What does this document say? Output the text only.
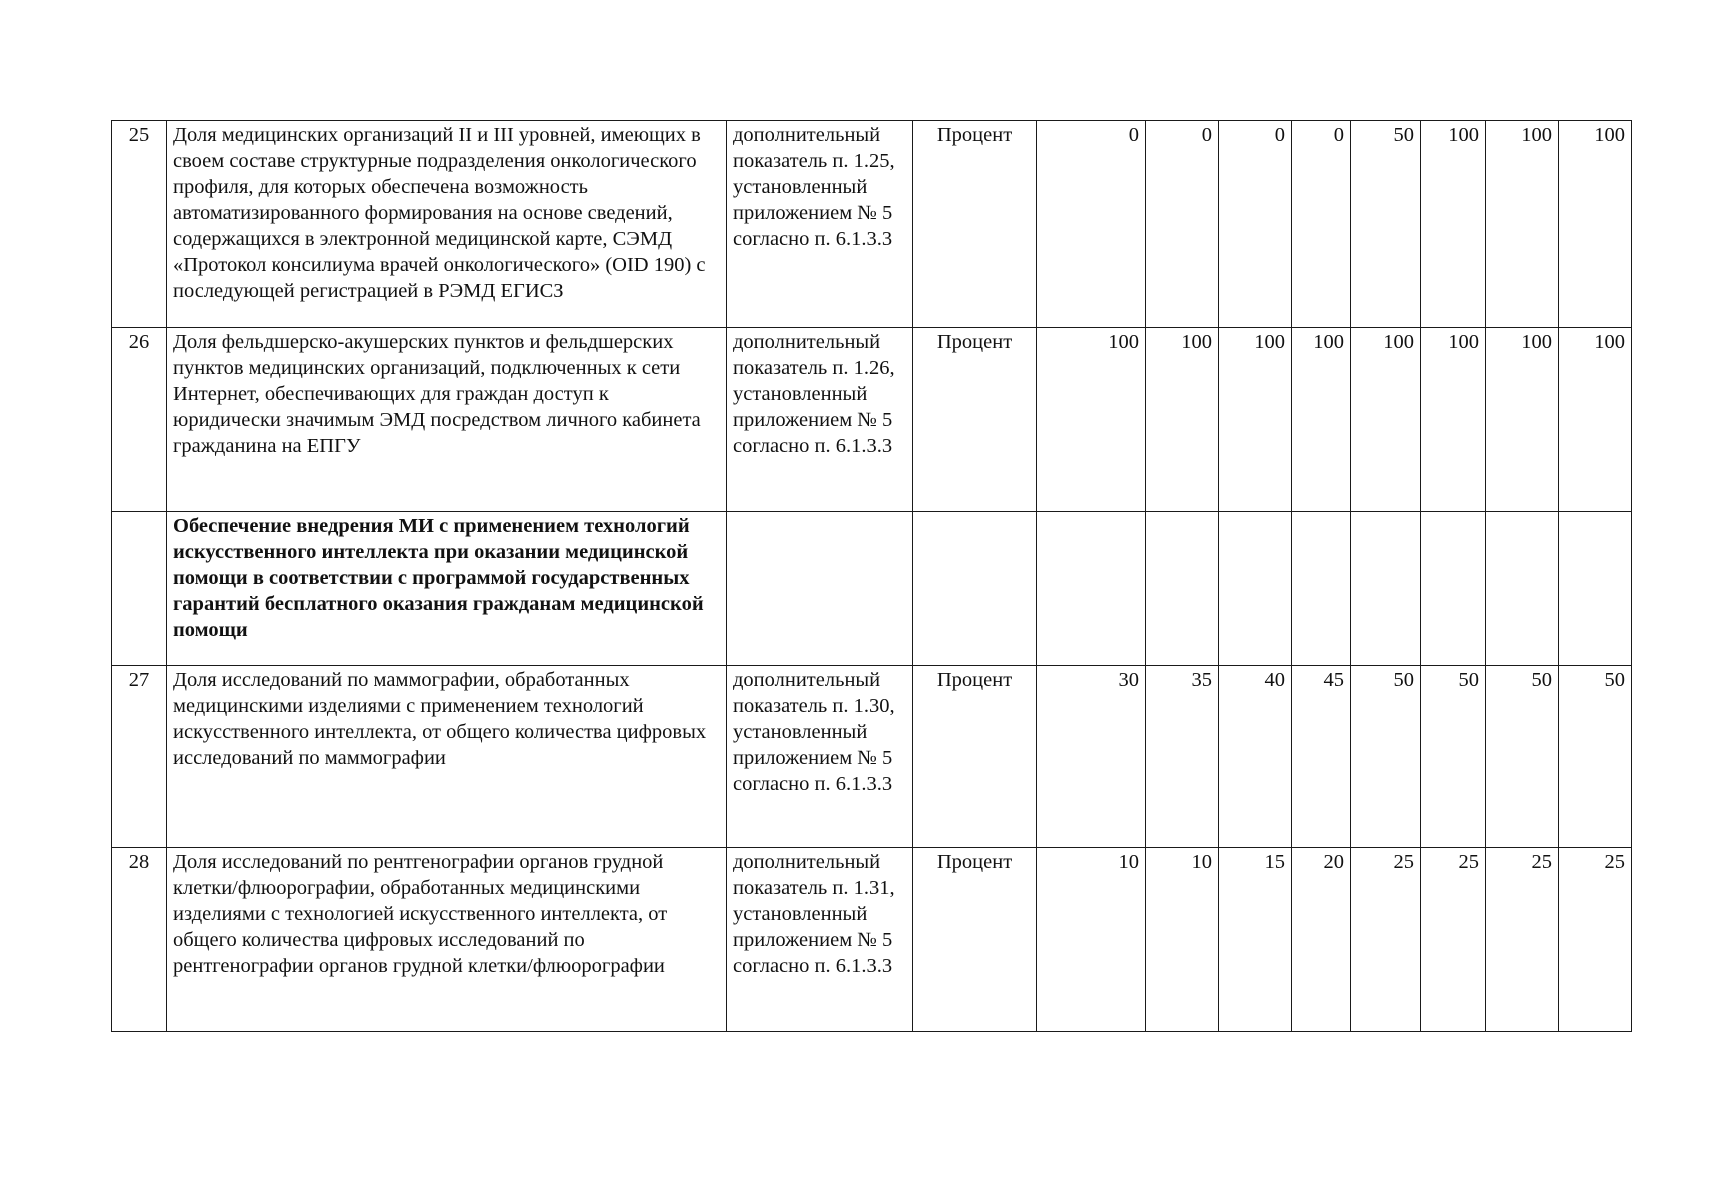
25	Доля медицинских организаций II и III уровней, имеющих в своем составе структурные подразделения онкологического профиля, для которых обеспечена возможность автоматизированного формирования на основе сведений, содержащихся в электронной медицинской карте, СЭМД «Протокол консилиума врачей онкологического» (OID 190) с последующей регистрацией в РЭМД ЕГИСЗ	дополнительный показатель п. 1.25, установленный приложением № 5 согласно п. 6.1.3.3	Процент	0	0	0	0	50	100	100	100
26	Доля фельдшерско-акушерских пунктов и фельдшерских пунктов медицинских организаций, подключенных к сети Интернет, обеспечивающих для граждан доступ к юридически значимым ЭМД посредством личного кабинета гражданина на ЕПГУ	дополнительный показатель п. 1.26, установленный приложением № 5 согласно п. 6.1.3.3	Процент	100	100	100	100	100	100	100	100
	Обеспечение внедрения МИ с применением технологий искусственного интеллекта при оказании медицинской помощи в соответствии с программой государственных гарантий бесплатного оказания гражданам медицинской помощи										
27	Доля исследований по маммографии, обработанных медицинскими изделиями с применением технологий искусственного интеллекта, от общего количества цифровых исследований по маммографии	дополнительный показатель п. 1.30, установленный приложением № 5 согласно п. 6.1.3.3	Процент	30	35	40	45	50	50	50	50
28	Доля исследований по рентгенографии органов грудной клетки/флюорографии, обработанных медицинскими изделиями с технологией искусственного интеллекта, от общего количества цифровых исследований по рентгенографии органов грудной клетки/флюорографии	дополнительный показатель п. 1.31, установленный приложением № 5 согласно п. 6.1.3.3	Процент	10	10	15	20	25	25	25	25
